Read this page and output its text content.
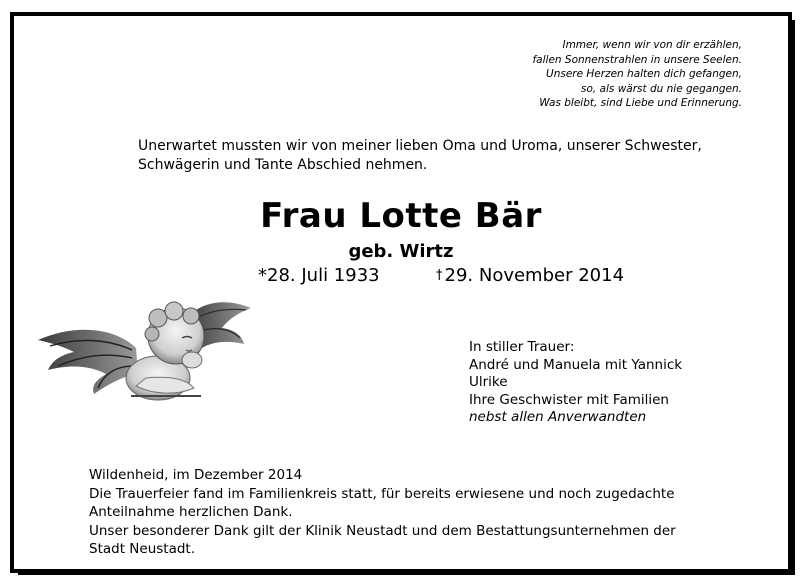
Immer, wenn wir von dir erzählen,
fallen Sonnenstrahlen in unsere Seelen.
Unsere Herzen halten dich gefangen,
so, als wärst du nie gegangen.
Was bleibt, sind Liebe und Erinnerung.
Unerwartet mussten wir von meiner lieben Oma und Uroma, unserer Schwester,
Schwägerin und Tante Abschied nehmen.
Frau Lotte Bär
geb. Wirtz
*28. Juli 1933	† 29. November 2014
In stiller Trauer:
André und Manuela mit Yannick
Ulrike
Ihre Geschwister mit Familien
nebst allen Anverwandten
Wildenheid, im Dezember 2014
Die Trauerfeier fand im Familienkreis statt, für bereits erwiesene und noch zugedachte
Anteilnahme herzlichen Dank.
Unser besonderer Dank gilt der Klinik Neustadt und dem Bestattungsunternehmen der
Stadt Neustadt.
